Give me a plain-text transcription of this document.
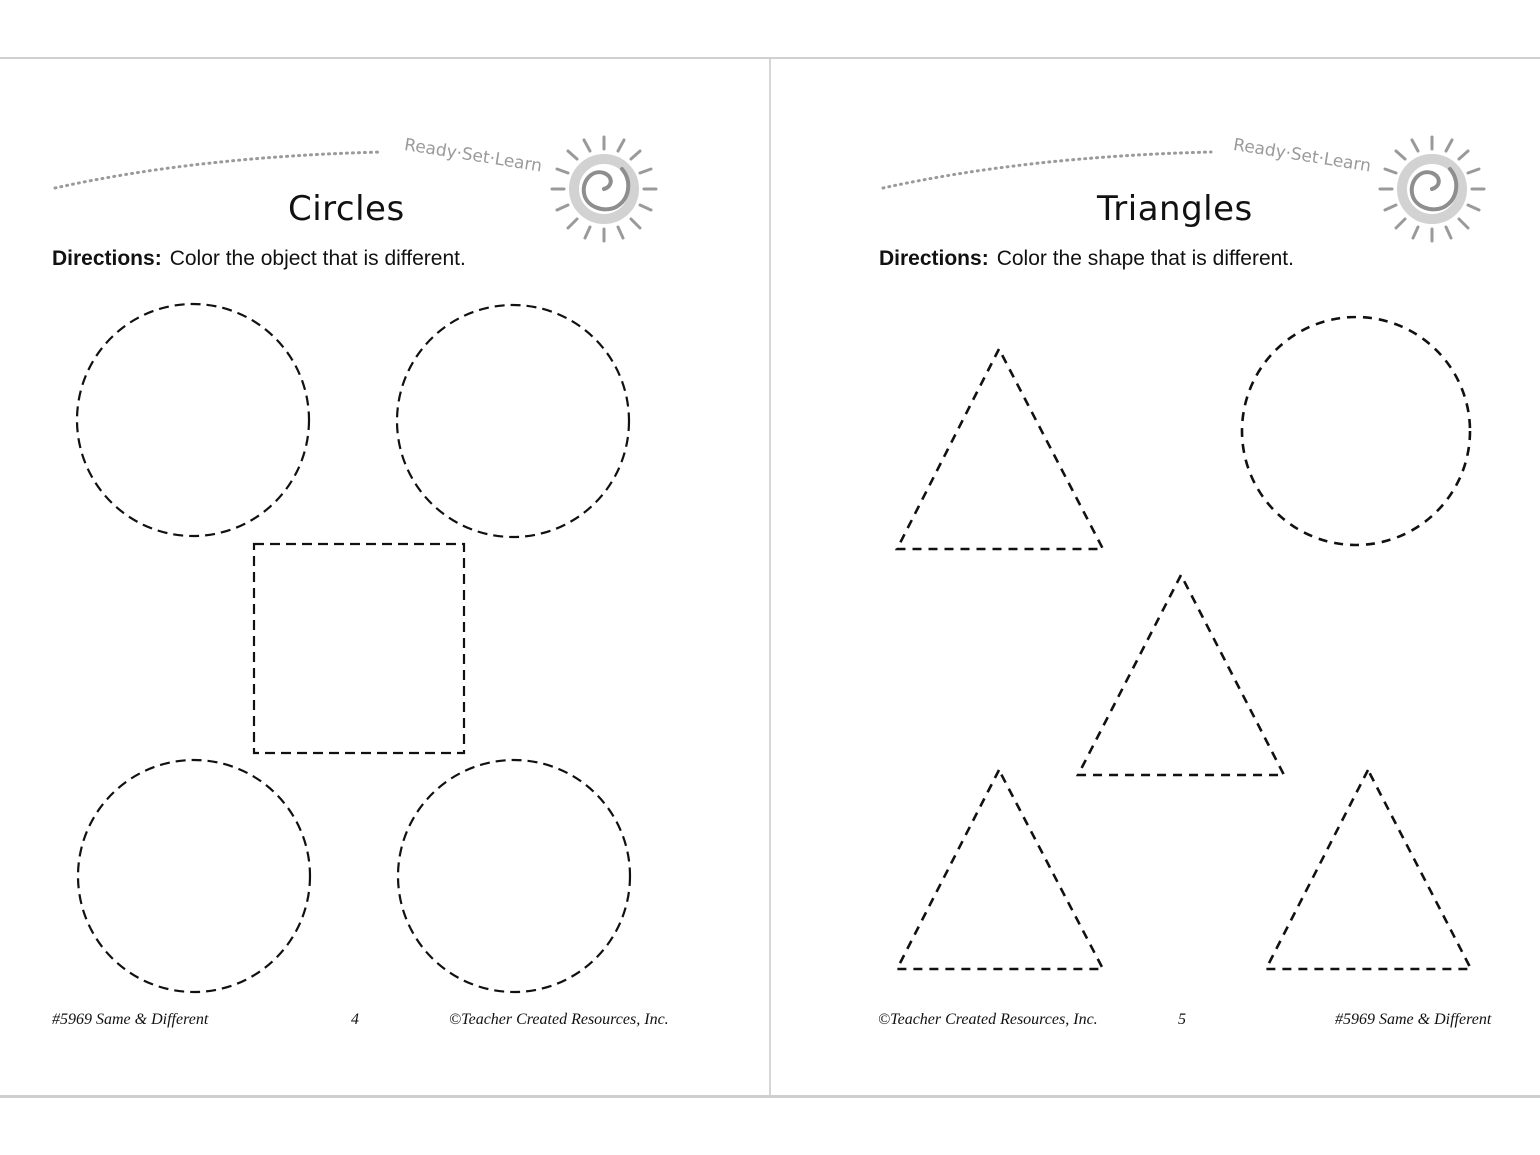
Ready·Set·Learn
Circles
Directions: Color the object that is different.
#5969 Same & Different	4	©Teacher Created Resources, Inc.
Ready·Set·Learn
Triangles
Directions: Color the shape that is different.
©Teacher Created Resources, Inc.	5	#5969 Same & Different
